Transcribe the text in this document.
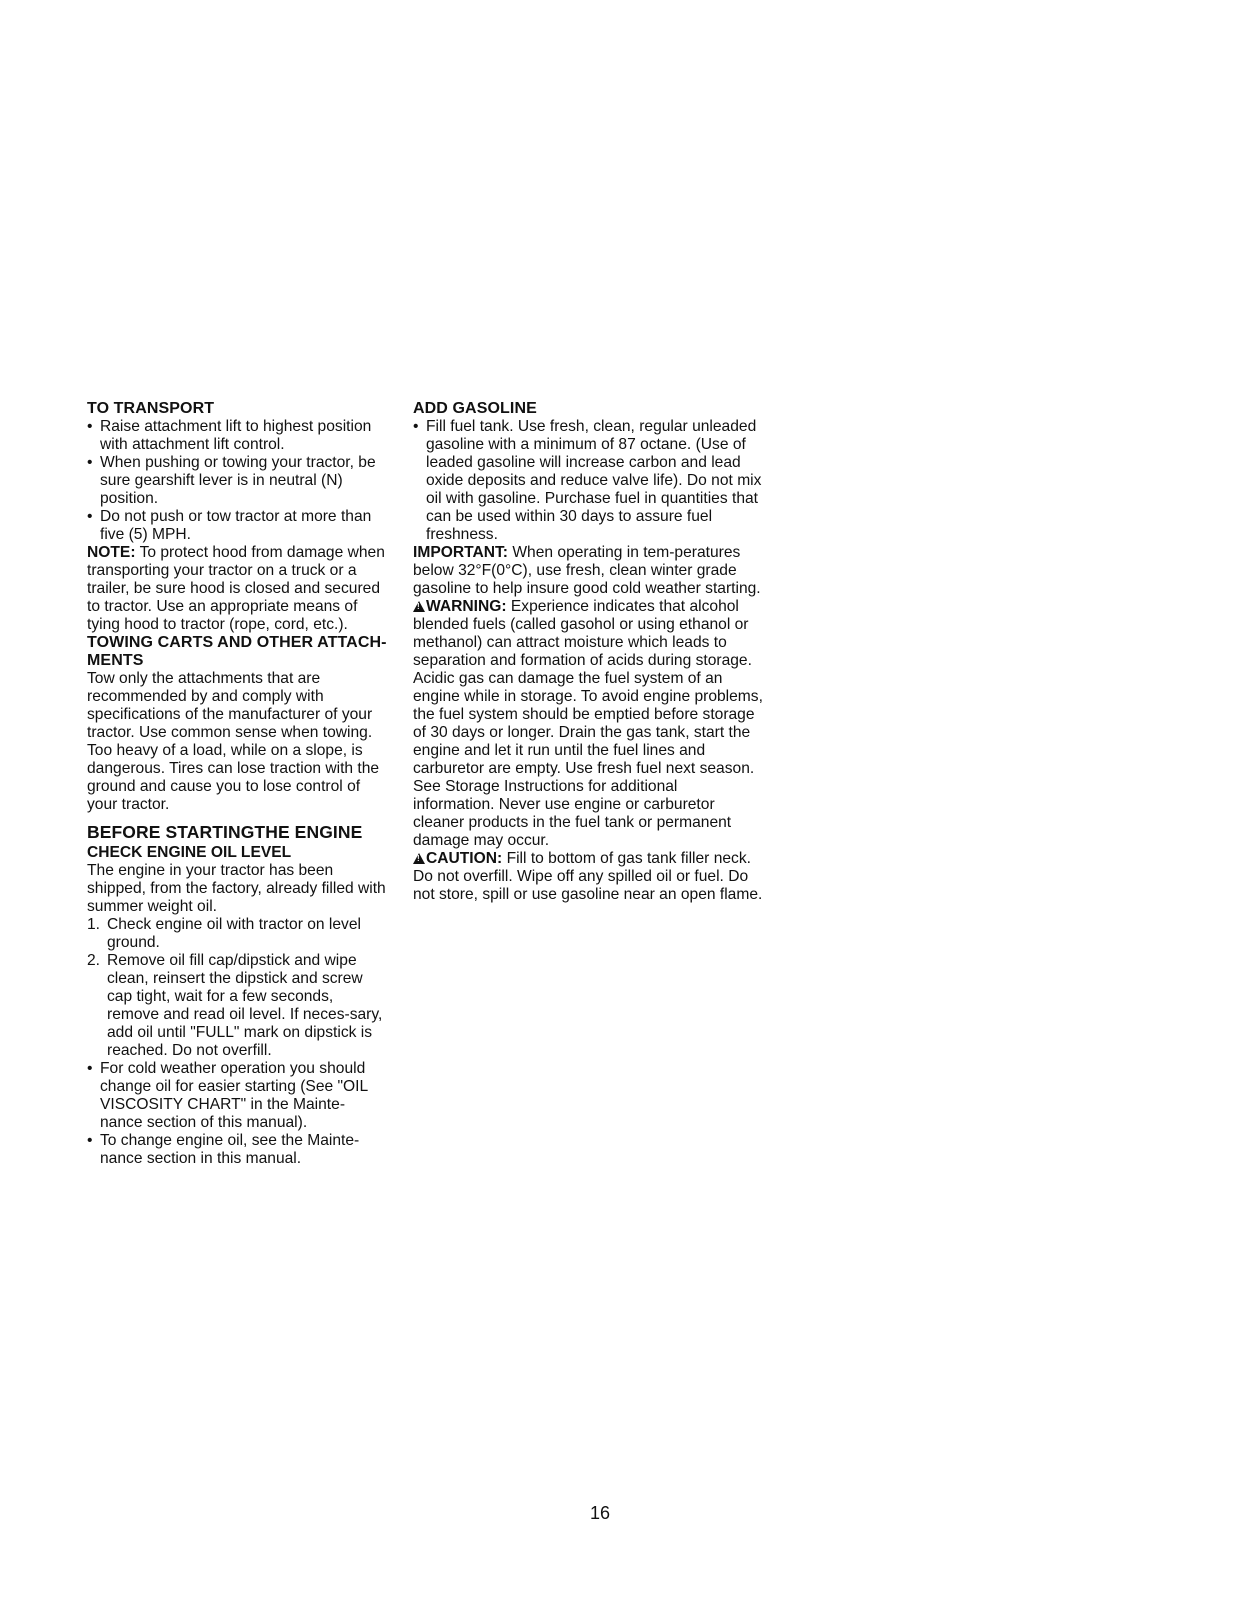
TO TRANSPORT
• Raise attachment lift to highest position with attachment lift control.
• When pushing or towing your tractor, be sure gearshift lever is in neutral (N) position.
• Do not push or tow tractor at more than five (5) MPH.

NOTE: To protect hood from damage when transporting your tractor on a truck or a trailer, be sure hood is closed and secured to tractor. Use an appropriate means of tying hood to tractor (rope, cord, etc.).

TOWING CARTS AND OTHER ATTACH-MENTS

Tow only the attachments that are recommended by and comply with specifications of the manufacturer of your tractor. Use common sense when towing. Too heavy of a load, while on a slope, is dangerous. Tires can lose traction with the ground and cause you to lose control of your tractor.

BEFORE STARTINGTHE ENGINE
CHECK ENGINE OIL LEVEL

The engine in your tractor has been shipped, from the factory, already filled with summer weight oil.

1. Check engine oil with tractor on level ground.
2. Remove oil fill cap/dipstick and wipe clean, reinsert the dipstick and screw cap tight, wait for a few seconds, remove and read oil level. If neces-sary, add oil until "FULL" mark on dipstick is reached. Do not overfill.
• For cold weather operation you should change oil for easier starting (See "OIL VISCOSITY CHART" in the Mainte-nance section of this manual).
• To change engine oil, see the Mainte-nance section in this manual.
ADD GASOLINE
• Fill fuel tank. Use fresh, clean, regular unleaded gasoline with a minimum of 87 octane. (Use of leaded gasoline will increase carbon and lead oxide deposits and reduce valve life). Do not mix oil with gasoline. Purchase fuel in quantities that can be used within 30 days to assure fuel freshness.

IMPORTANT: When operating in tem-peratures below 32°F(0°C), use fresh, clean winter grade gasoline to help insure good cold weather starting.

!WARNING: Experience indicates that alcohol blended fuels (called gasohol or using ethanol or methanol) can attract moisture which leads to separation and formation of acids during storage. Acidic gas can damage the fuel system of an engine while in storage. To avoid engine problems, the fuel system should be emptied before storage of 30 days or longer. Drain the gas tank, start the engine and let it run until the fuel lines and carburetor are empty. Use fresh fuel next season. See Storage Instructions for additional information. Never use engine or carburetor cleaner products in the fuel tank or permanent damage may occur.

!CAUTION: Fill to bottom of gas tank filler neck. Do not overfill. Wipe off any spilled oil or fuel. Do not store, spill or use gasoline near an open flame.

16
